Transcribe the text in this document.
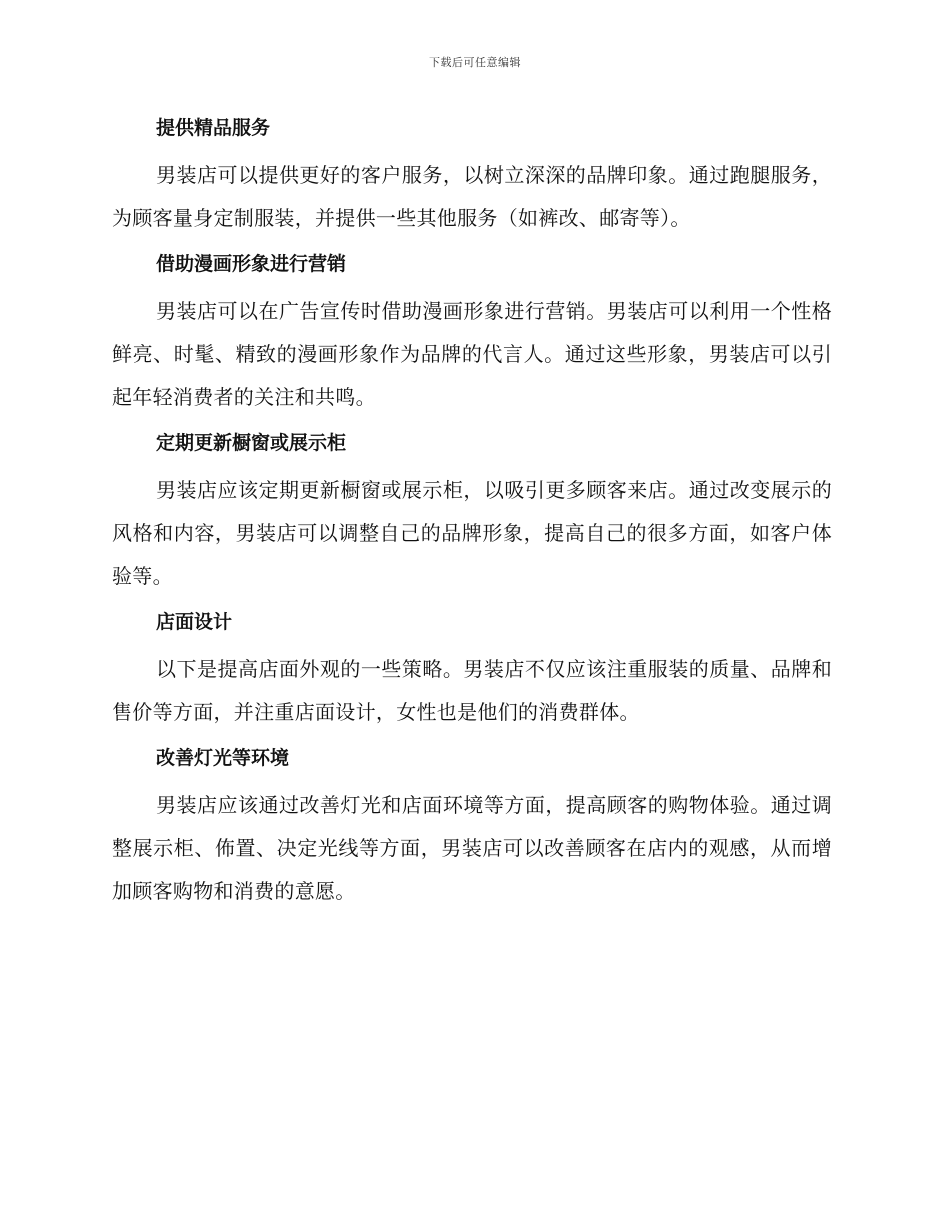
下载后可任意编辑
提供精品服务

男装店可以提供更好的客户服务，以树立深深的品牌印象。通过跑腿服务，为顾客量身定制服装，并提供一些其他服务（如裤改、邮寄等）。

借助漫画形象进行营销

男装店可以在广告宣传时借助漫画形象进行营销。男装店可以利用一个性格鲜亮、时髦、精致的漫画形象作为品牌的代言人。通过这些形象，男装店可以引起年轻消费者的关注和共鸣。

定期更新橱窗或展示柜

男装店应该定期更新橱窗或展示柜，以吸引更多顾客来店。通过改变展示的风格和内容，男装店可以调整自己的品牌形象，提高自己的很多方面，如客户体验等。

店面设计

以下是提高店面外观的一些策略。男装店不仅应该注重服装的质量、品牌和售价等方面，并注重店面设计，女性也是他们的消费群体。

改善灯光等环境

男装店应该通过改善灯光和店面环境等方面，提高顾客的购物体验。通过调整展示柜、佈置、决定光线等方面，男装店可以改善顾客在店内的观感，从而增加顾客购物和消费的意愿。
